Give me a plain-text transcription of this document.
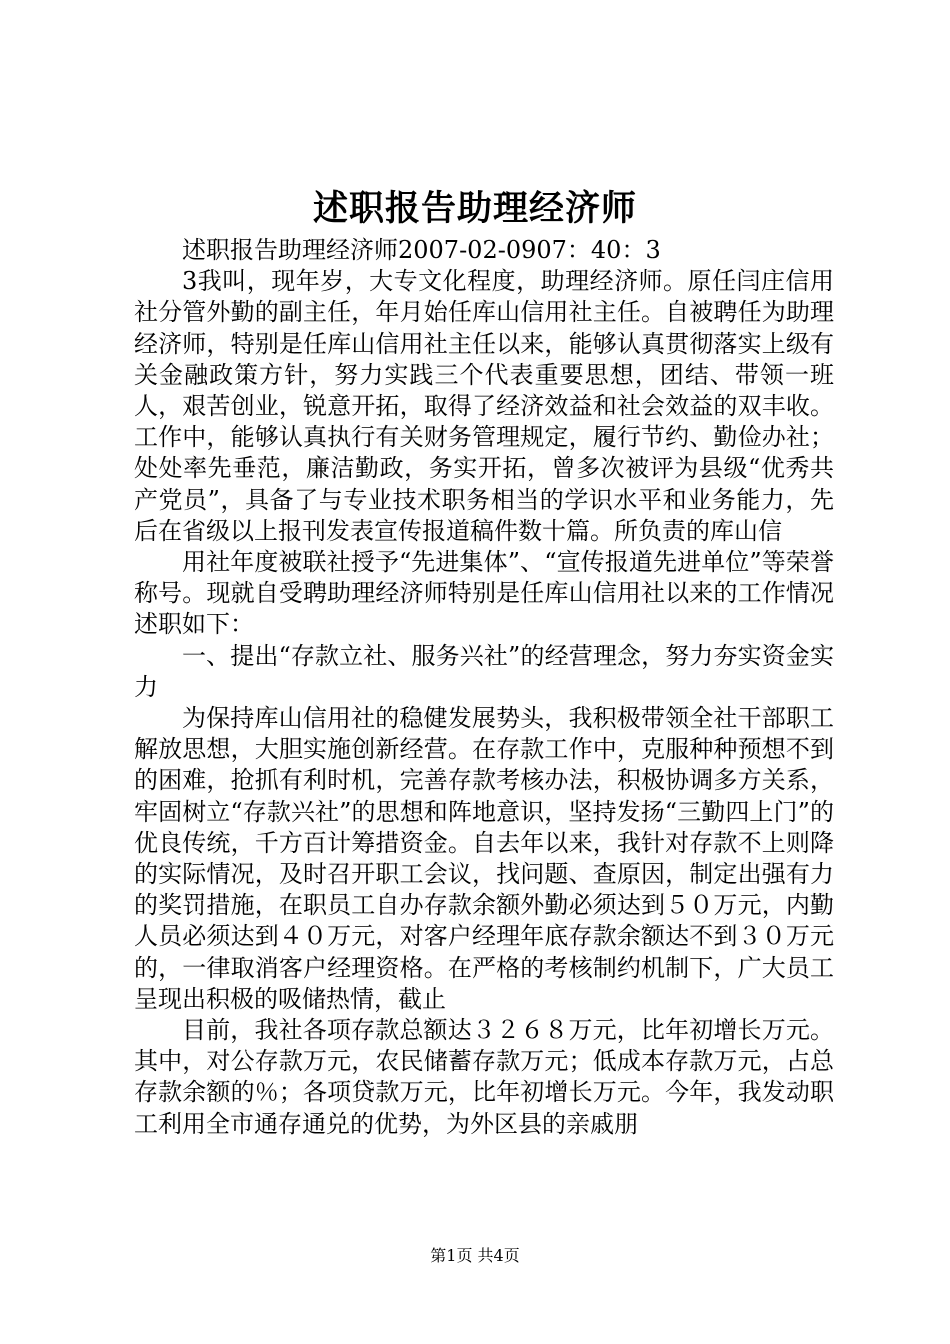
述职报告助理经济师

述职报告助理经济师2007-02-0907：40：3

3我叫，现年岁，大专文化程度，助理经济师。原任闫庄信用社分管外勤的副主任，年月始任库山信用社主任。自被聘任为助理经济师，特别是任库山信用社主任以来，能够认真贯彻落实上级有关金融政策方针，努力实践三个代表重要思想，团结、带领一班人，艰苦创业，锐意开拓，取得了经济效益和社会效益的双丰收。工作中，能够认真执行有关财务管理规定，履行节约、勤俭办社；处处率先垂范，廉洁勤政，务实开拓，曾多次被评为县级“优秀共产党员”，具备了与专业技术职务相当的学识水平和业务能力，先后在省级以上报刊发表宣传报道稿件数十篇。所负责的库山信

用社年度被联社授予“先进集体”、“宣传报道先进单位”等荣誉称号。现就自受聘助理经济师特别是任库山信用社以来的工作情况述职如下：

一、提出“存款立社、服务兴社”的经营理念，努力夯实资金实力

为保持库山信用社的稳健发展势头，我积极带领全社干部职工解放思想，大胆实施创新经营。在存款工作中，克服种种预想不到的困难，抢抓有利时机，完善存款考核办法，积极协调多方关系，牢固树立“存款兴社”的思想和阵地意识，坚持发扬“三勤四上门”的优良传统，千方百计筹措资金。自去年以来，我针对存款不上则降的实际情况，及时召开职工会议，找问题、查原因，制定出强有力的奖罚措施，在职员工自办存款余额外勤必须达到５０万元，内勤人员必须达到４０万元，对客户经理年底存款余额达不到３０万元的，一律取消客户经理资格。在严格的考核制约机制下，广大员工呈现出积极的吸储热情，截止

目前，我社各项存款总额达３２６８万元，比年初增长万元。其中，对公存款万元，农民储蓄存款万元；低成本存款万元，占总存款余额的％；各项贷款万元，比年初增长万元。今年，我发动职工利用全市通存通兑的优势，为外区县的亲戚朋

第1页 共4页
